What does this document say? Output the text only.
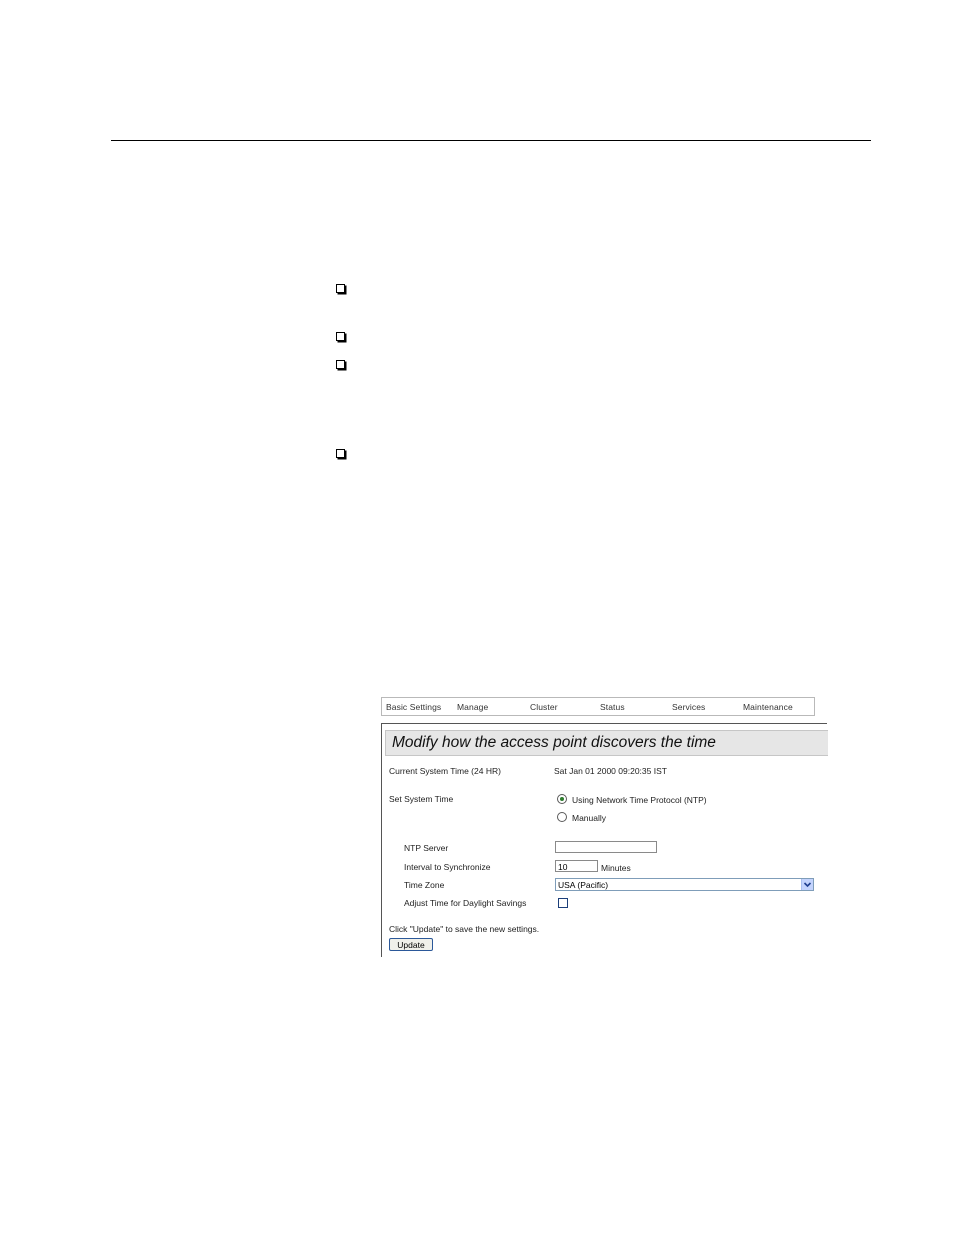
Basic Settings Manage	Cluster	Status	Services	Maintenance
Modify how the access point discovers the time
Current System Time (24 HR)	Sat Jan 01 2000 09:20:35 IST
Set System Time	Using Network Time Protocol (NTP)
Manually
NTP Server
Interval to Synchronize	10	Minutes
Time Zone	USA (Pacific)
Adjust Time for Daylight Savings
Click "Update" to save the new settings.
Update
